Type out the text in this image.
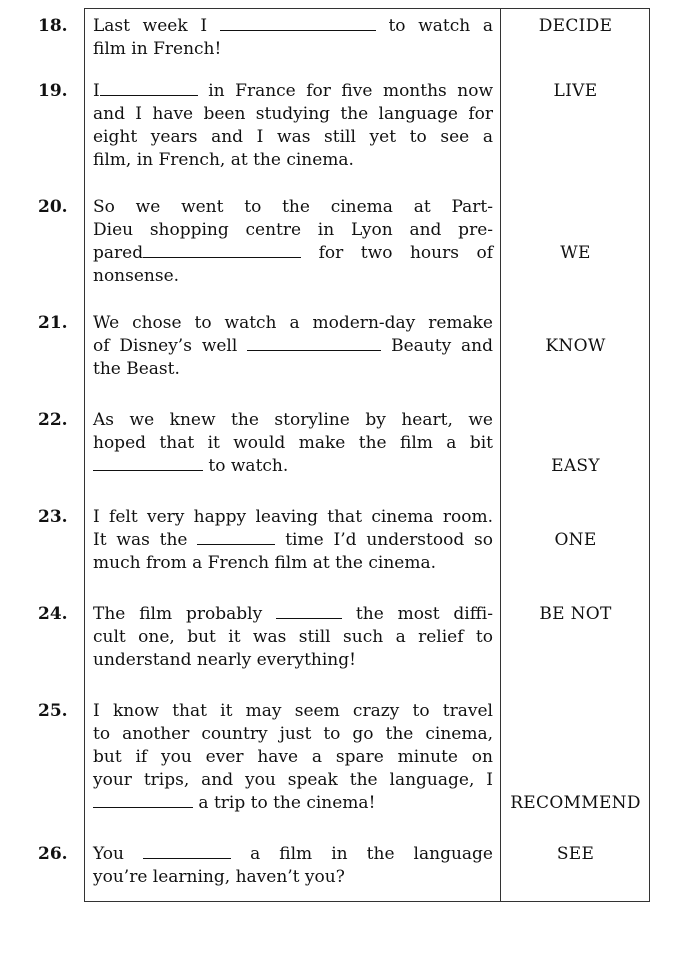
18. Last week I	to watch a
film in French!
DECIDE
19. I	in France for five months now
and I have been studying the language for
eight years and I was still yet to see a
film, in French, at the cinema.
LIVE
20. So we went to the cinema at Part-
Dieu shopping centre in Lyon and pre-
pared	for two hours of
nonsense.
WE
21. We chose to watch a modern-day remake
of Disney’s well	Beauty and
the Beast.
KNOW
22. As we knew the storyline by heart, we
hoped that it would make the film a bit
to watch.	EASY
23. I felt very happy leaving that cinema room.
It was the	time I’d understood so
much from a French film at the cinema.
ONE
24. The film probably	the most diffi-
cult one, but it was still such a relief to
understand nearly everything!
BE NOT
25. I know that it may seem crazy to travel
to another country just to go the cinema,
but if you ever have a spare minute on
your trips, and you speak the language, I
a trip to the cinema!	RECOMMEND
26. You	a film in the language
you’re learning, haven’t you?
SEE
